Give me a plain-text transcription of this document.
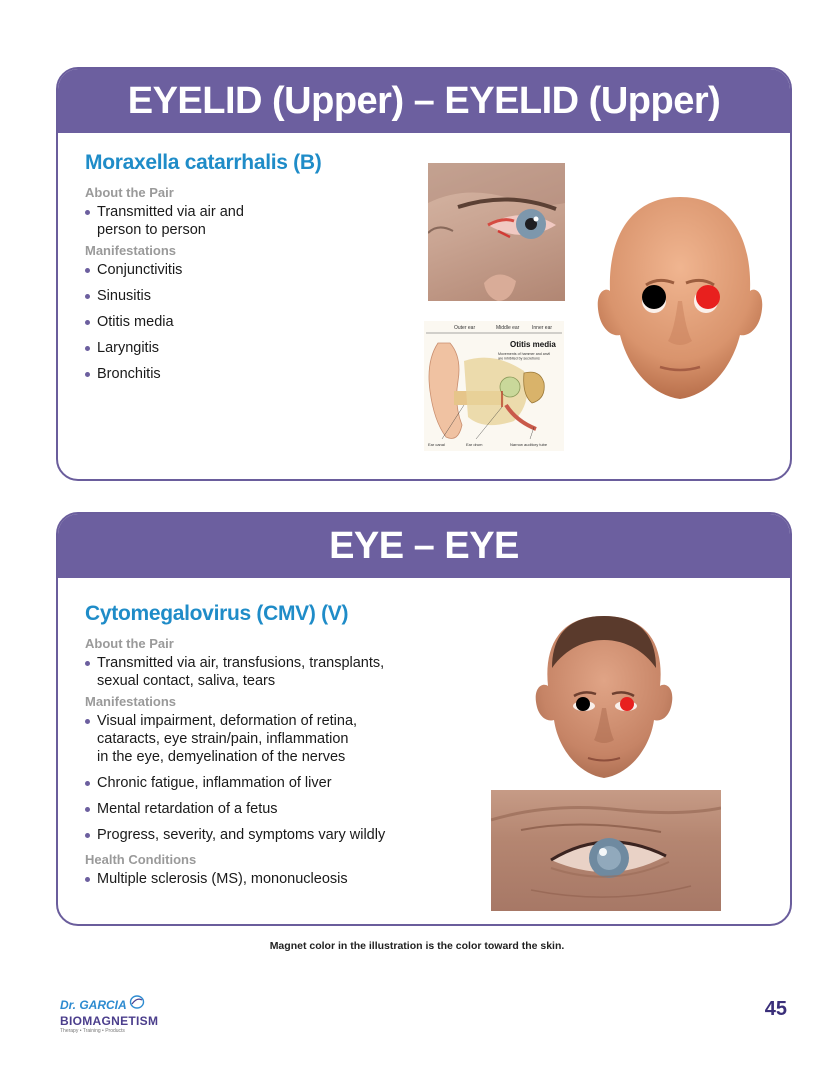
EYELID (Upper) – EYELID (Upper)
Moraxella catarrhalis (B)
About the Pair
Transmitted via air and
person to person
Manifestations
Conjunctivitis
Sinusitis
Otitis media
Laryngitis
Bronchitis
Outer ear	Middle ear	Inner ear
Otitis media
Movements of hammer and anvil are inhibited by secretions
Ear canal	Ear drum	Narrow auditory tube
EYE – EYE
Cytomegalovirus (CMV) (V)
About the Pair
Transmitted via air, transfusions, transplants,
sexual contact, saliva, tears
Manifestations
Visual impairment, deformation of retina,
cataracts, eye strain/pain, inflammation
in the eye, demyelination of the nerves
Chronic fatigue, inflammation of liver
Mental retardation of a fetus
Progress, severity, and symptoms vary wildly
Health Conditions
Multiple sclerosis (MS), mononucleosis
Magnet color in the illustration is the color toward the skin.
Dr. GARCIA
BIOMAGNETISM
Therapy • Training • Products
45
